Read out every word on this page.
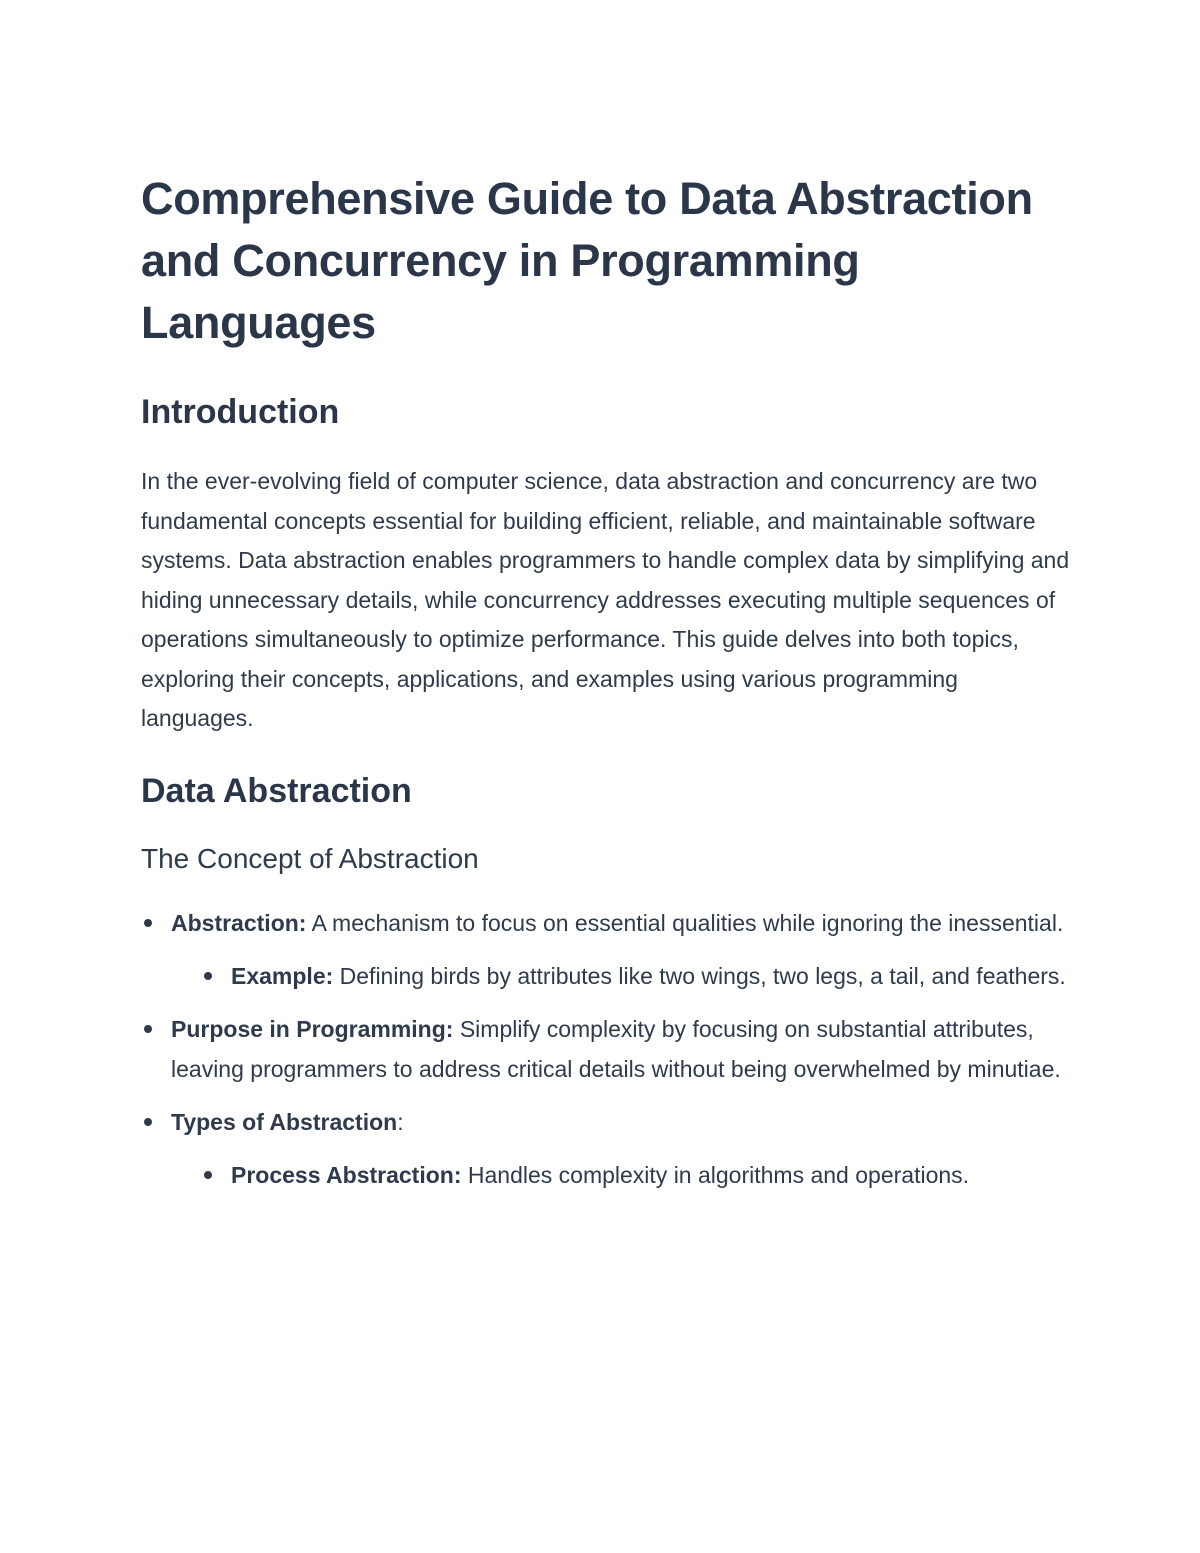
Comprehensive Guide to Data Abstraction and Concurrency in Programming Languages
Introduction

In the ever-evolving field of computer science, data abstraction and concurrency are two fundamental concepts essential for building efficient, reliable, and maintainable software systems. Data abstraction enables programmers to handle complex data by simplifying and hiding unnecessary details, while concurrency addresses executing multiple sequences of operations simultaneously to optimize performance. This guide delves into both topics, exploring their concepts, applications, and examples using various programming languages.

Data Abstraction
The Concept of Abstraction
Abstraction: A mechanism to focus on essential qualities while ignoring the inessential.
Example: Defining birds by attributes like two wings, two legs, a tail, and feathers.
Purpose in Programming: Simplify complexity by focusing on substantial attributes, leaving programmers to address critical details without being overwhelmed by minutiae.
Types of Abstraction:
Process Abstraction: Handles complexity in algorithms and operations.
